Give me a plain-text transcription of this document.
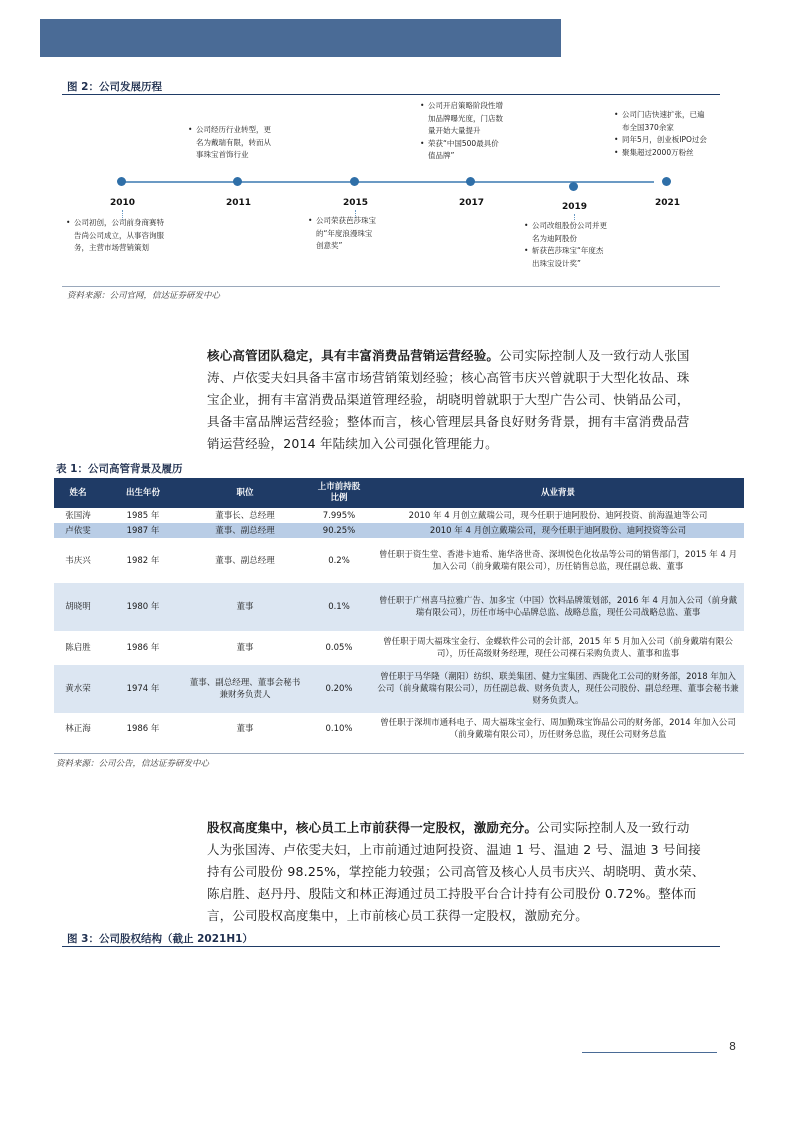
图 2：公司发展历程
2010
• 公司初创，公司前身商赛特
告尚公司成立，从事咨询服
务，主营市场营销策划
2011
• 公司经历行业转型，更
名为戴瑞有限，转而从
事珠宝首饰行业
2015
• 公司荣获芭莎珠宝
的“年度浪漫珠宝
创意奖”
2017
• 公司开启策略阶段性增
加品牌曝光度，门店数
量开始大量提升
• 荣获“中国500最具价
值品牌”
2019
• 公司改组股份公司并更
名为迪阿股份
• 斩获芭莎珠宝“年度杰
出珠宝设计奖”
2021
• 公司门店快速扩张，已遍
布全国370余家
• 同年5月，创业板IPO过会
• 聚集超过2000万粉丝
资料来源：公司官网，信达证券研发中心
核心高管团队稳定，具有丰富消费品营销运营经验。公司实际控制人及一致行动人张国
涛、卢依雯夫妇具备丰富市场营销策划经验；核心高管韦庆兴曾就职于大型化妆品、珠
宝企业，拥有丰富消费品渠道管理经验，胡晓明曾就职于大型广告公司、快销品公司，
具备丰富品牌运营经验；整体而言，核心管理层具备良好财务背景，拥有丰富消费品营
销运营经验，2014 年陆续加入公司强化管理能力。
表 1：公司高管背景及履历
姓名	出生年份	职位	上市前持股比例	从业背景
张国涛	1985 年	董事长、总经理	7.995%	2010 年 4 月创立戴瑞公司，现今任职于迪阿股份、迪阿投资、前海温迪等公司
卢依雯	1987 年	董事、副总经理	90.25%	2010 年 4 月创立戴瑞公司，现今任职于迪阿股份、迪阿投资等公司
韦庆兴	1982 年	董事、副总经理	0.2%	曾任职于资生堂、香港卡迪希、施华洛世奇、深圳悦色化妆品等公司的销售部门，2015 年 4 月加入公司（前身戴瑞有限公司），历任销售总监，现任副总裁、董事
胡晓明	1980 年	董事	0.1%	曾任职于广州喜马拉雅广告、加多宝（中国）饮料品牌策划部，2016 年 4 月加入公司（前身戴瑞有限公司），历任市场中心品牌总监、战略总监，现任公司战略总监、董事
陈启胜	1986 年	董事	0.05%	曾任职于周大福珠宝金行、金蝶软件公司的会计部，2015 年 5 月加入公司（前身戴瑞有限公司），历任高级财务经理，现任公司裸石采购负责人、董事和监事
黄水荣	1974 年	董事、副总经理、董事会秘书兼财务负责人	0.20%	曾任职于马华隆（潮阳）纺织、联美集团、健力宝集团、西陇化工公司的财务部，2018 年加入公司（前身戴瑞有限公司），历任副总裁、财务负责人，现任公司股份、副总经理、董事会秘书兼财务负责人。
林正海	1986 年	董事	0.10%	曾任职于深圳市通科电子、周大福珠宝金行、周加勤珠宝饰品公司的财务部，2014 年加入公司（前身戴瑞有限公司），历任财务总监，现任公司财务总监
资料来源：公司公告，信达证券研发中心
股权高度集中，核心员工上市前获得一定股权，激励充分。公司实际控制人及一致行动
人为张国涛、卢依雯夫妇，上市前通过迪阿投资、温迪 1 号、温迪 2 号、温迪 3 号间接
持有公司股份 98.25%，掌控能力较强；公司高管及核心人员韦庆兴、胡晓明、黄水荣、
陈启胜、赵丹丹、殷陆文和林正海通过员工持股平台合计持有公司股份 0.72%。整体而
言，公司股权高度集中，上市前核心员工获得一定股权，激励充分。
图 3：公司股权结构（截止 2021H1）
8
